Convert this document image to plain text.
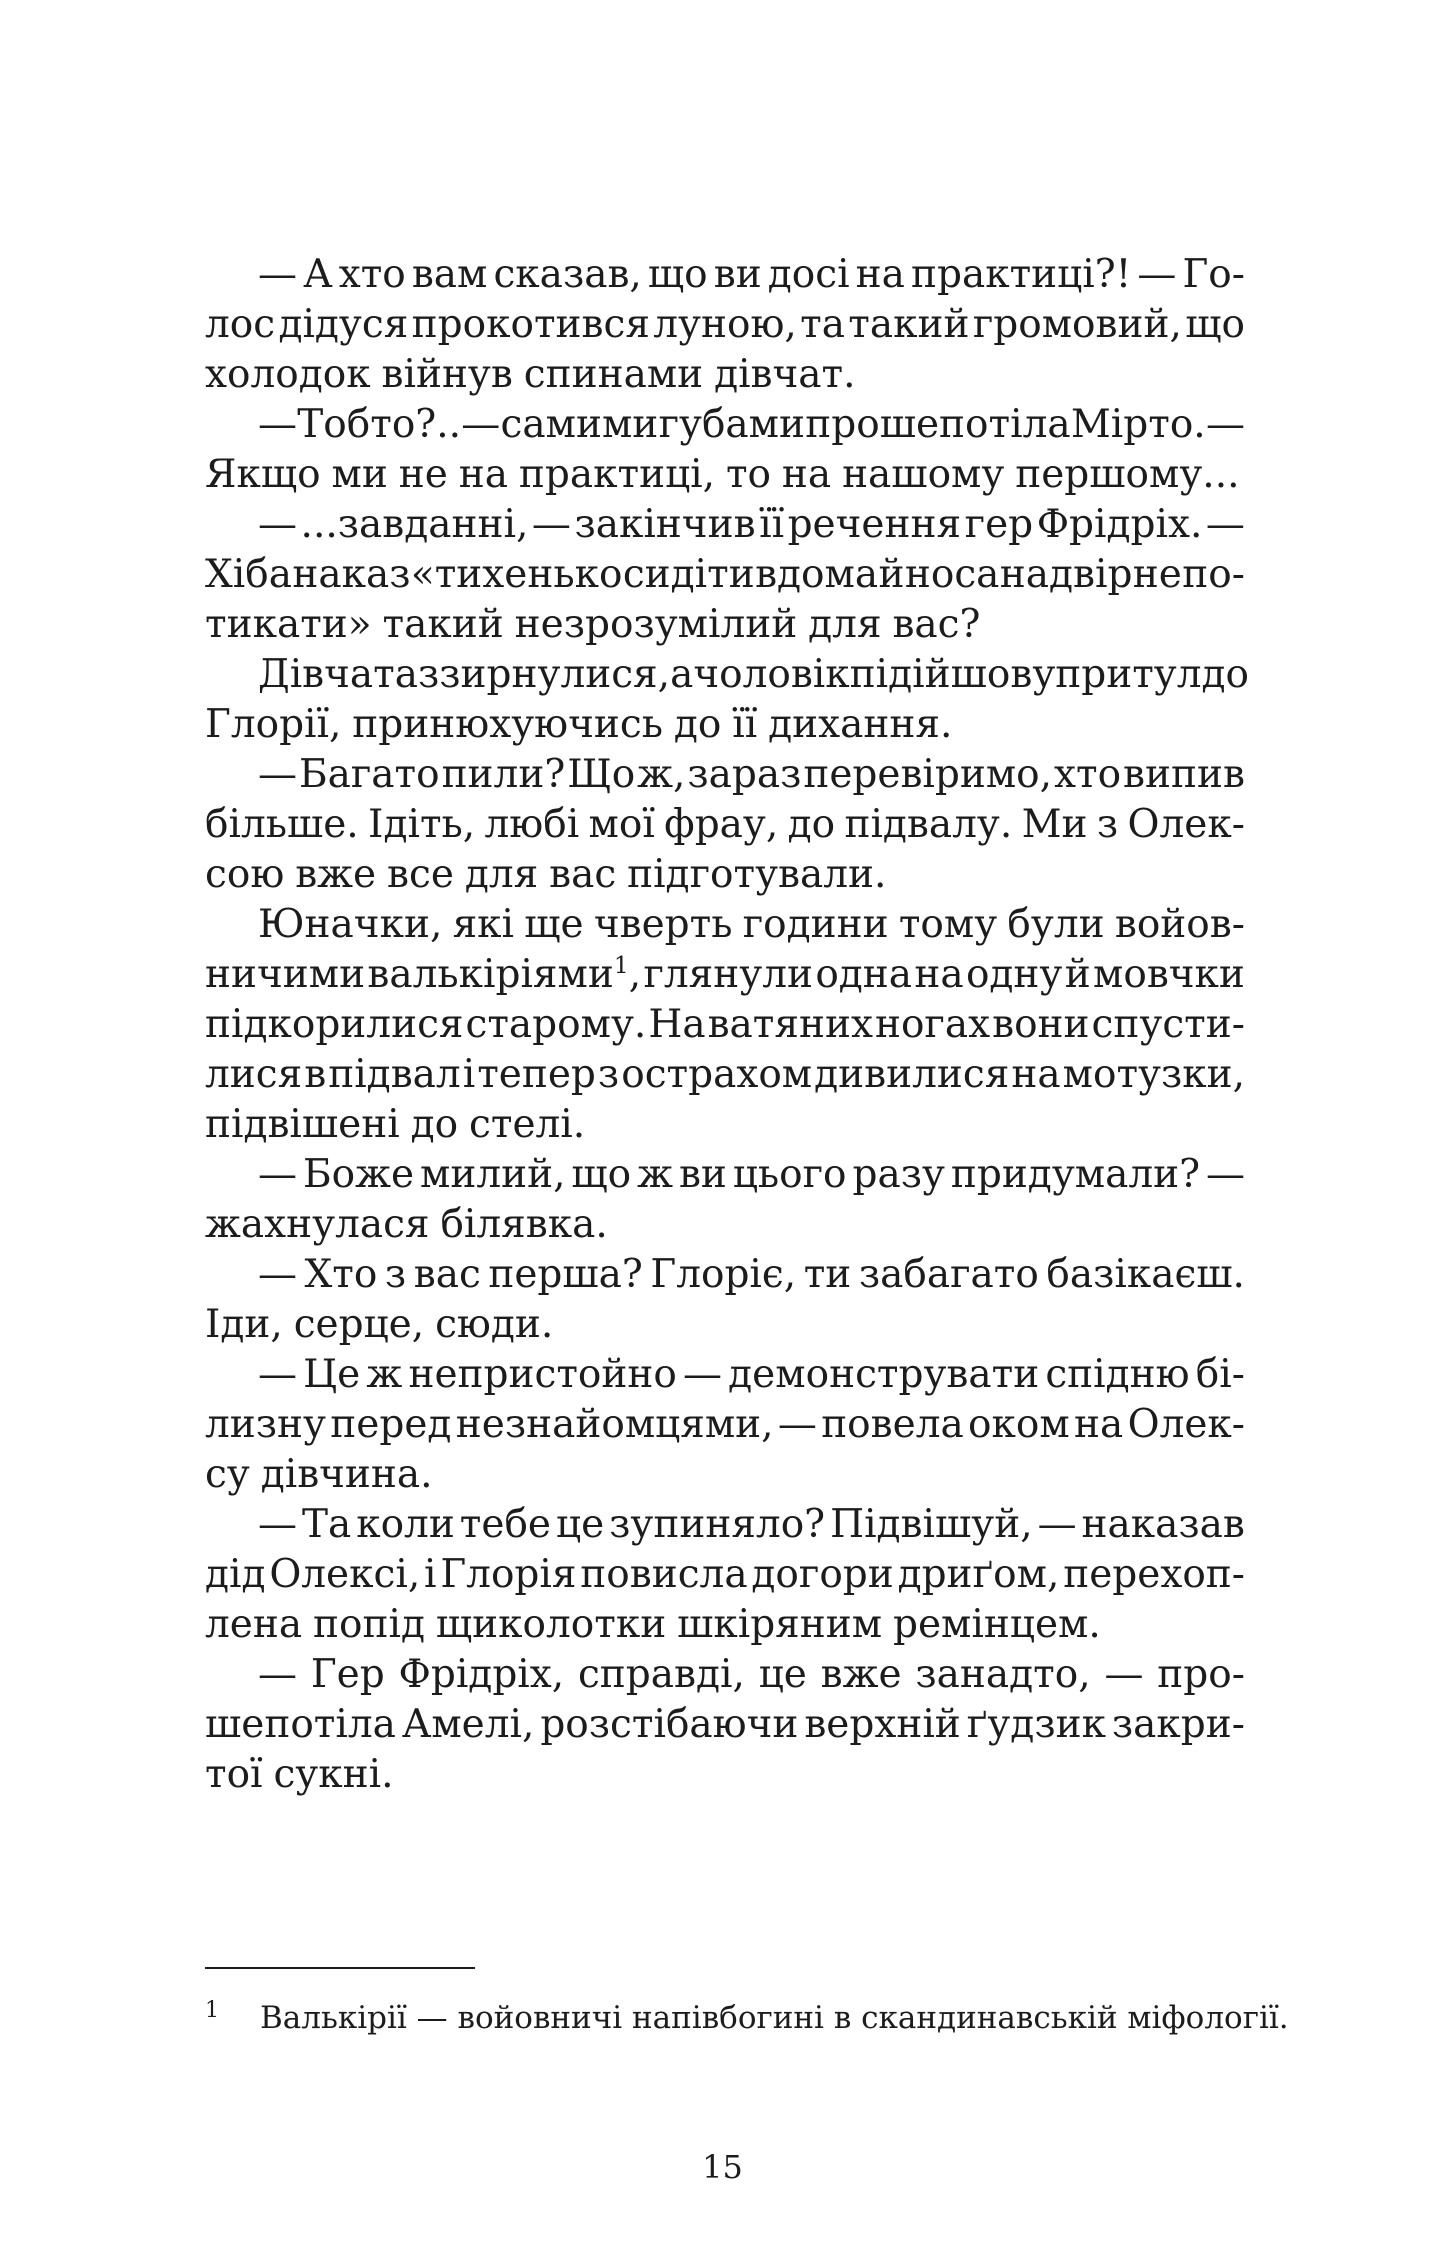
— А хто вам сказав, що ви досі на практиці?! — Го-
лос дідуся прокотився луною, та такий громовий, що
холодок війнув спинами дівчат.
— Тобто?.. — самими губами прошепотіла Мірто. —
Якщо ми не на практиці, то на нашому першому...
— ...завданні, — закінчив її речення гер Фрідріх. —
Хіба наказ «тихенько сидіти вдома й носа надвір не по-
тикати» такий незрозумілий для вас?
Дівчата ззирнулися, а чоловік підійшов упритул до
Глорії, принюхуючись до її дихання.
— Багато пили? Що ж, зараз перевіримо, хто випив
більше. Ідіть, любі мої фрау, до підвалу. Ми з Олек-
сою вже все для вас підготували.
Юначки, які ще чверть години тому були войов-
ничими валькіріями$^1$, глянули одна на одну й мовчки
підкорилися старому. На ватяних ногах вони спусти-
лися в підвал і тепер з острахом дивилися на мотузки,
підвішені до стелі.
— Боже милий, що ж ви цього разу придумали? —
жахнулася білявка.
— Хто з вас перша? Глоріє, ти забагато базікаєш.
Іди, серце, сюди.
— Це ж непристойно — демонструвати спідню бі-
лизну перед незнайомцями, — повела оком на Олек-
су дівчина.
— Та коли тебе це зупиняло? Підвішуй, — наказав
дід Олексі, і Глорія повисла догори дриґом, перехоп-
лена попід щиколотки шкіряним ремінцем.
— Гер Фрідріх, справді, це вже занадто, — про-
шепотіла Амелі, розстібаючи верхній ґудзик закри-
тої сукні.
1 Валькірії — войовничі напівбогині в скандинавській міфології.
15
